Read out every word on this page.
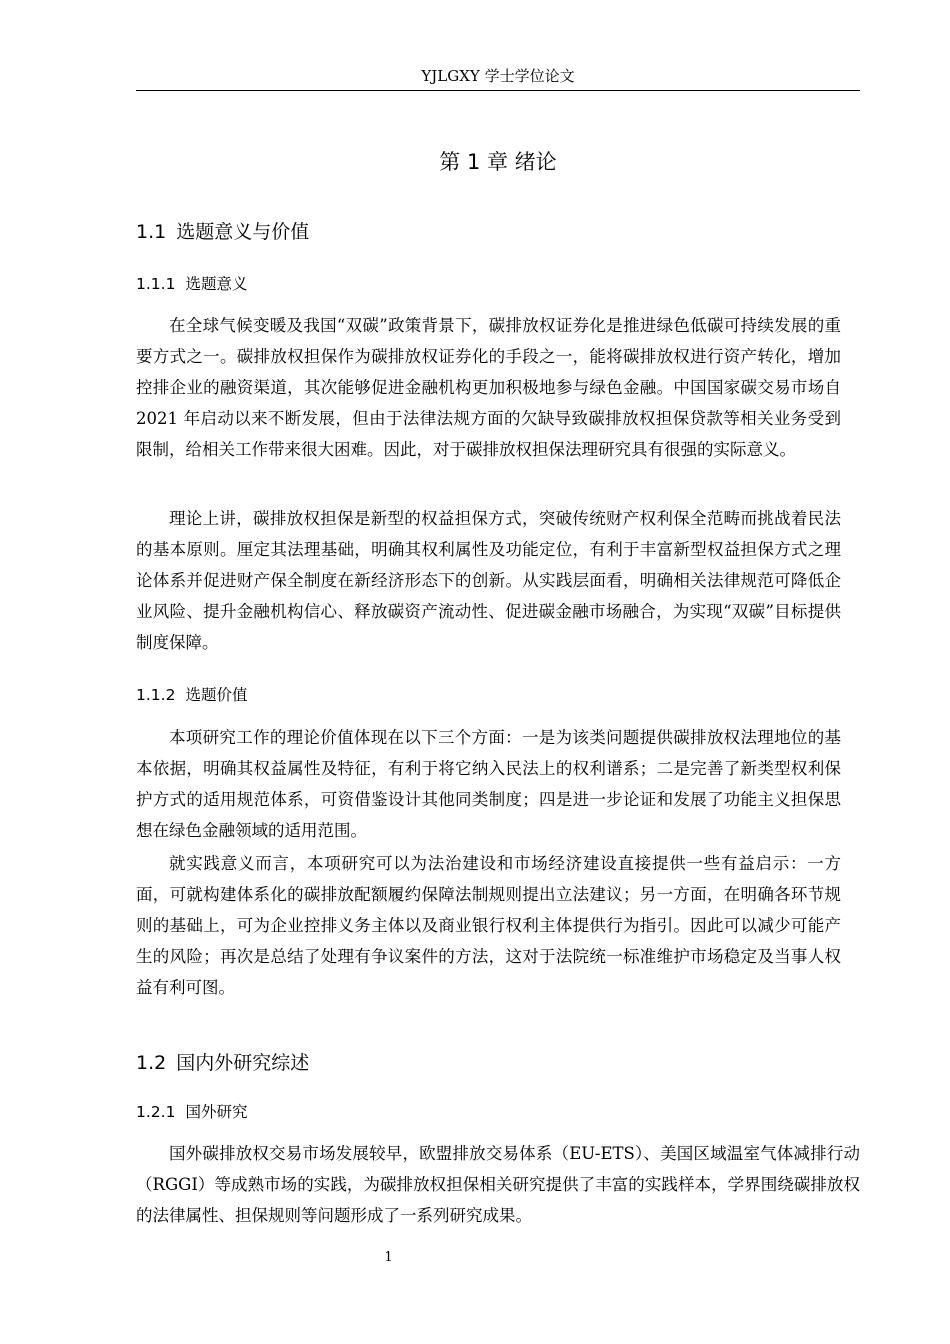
YJLGXY 学士学位论文
第 1 章 绪论
1.1 选题意义与价值
1.1.1 选题意义

在全球气候变暖及我国“双碳”政策背景下，碳排放权证券化是推进绿色低碳可持续发展的重要方式之一。碳排放权担保作为碳排放权证券化的手段之一，能将碳排放权进行资产转化，增加控排企业的融资渠道，其次能够促进金融机构更加积极地参与绿色金融。中国国家碳交易市场自 2021 年启动以来不断发展，但由于法律法规方面的欠缺导致碳排放权担保贷款等相关业务受到限制，给相关工作带来很大困难。因此，对于碳排放权担保法理研究具有很强的实际意义。

理论上讲，碳排放权担保是新型的权益担保方式，突破传统财产权利保全范畴而挑战着民法的基本原则。厘定其法理基础，明确其权利属性及功能定位，有利于丰富新型权益担保方式之理论体系并促进财产保全制度在新经济形态下的创新。从实践层面看，明确相关法律规范可降低企业风险、提升金融机构信心、释放碳资产流动性、促进碳金融市场融合，为实现“双碳”目标提供制度保障。

1.1.2 选题价值

本项研究工作的理论价值体现在以下三个方面：一是为该类问题提供碳排放权法理地位的基本依据，明确其权益属性及特征，有利于将它纳入民法上的权利谱系；二是完善了新类型权利保护方式的适用规范体系，可资借鉴设计其他同类制度；四是进一步论证和发展了功能主义担保思想在绿色金融领域的适用范围。

就实践意义而言，本项研究可以为法治建设和市场经济建设直接提供一些有益启示：一方面，可就构建体系化的碳排放配额履约保障法制规则提出立法建议；另一方面，在明确各环节规则的基础上，可为企业控排义务主体以及商业银行权利主体提供行为指引。因此可以减少可能产生的风险；再次是总结了处理有争议案件的方法，这对于法院统一标准维护市场稳定及当事人权益有利可图。

1.2 国内外研究综述
1.2.1 国外研究

国外碳排放权交易市场发展较早，欧盟排放交易体系（EU-ETS）、美国区域温室气体减排行动（RGGI）等成熟市场的实践，为碳排放权担保相关研究提供了丰富的实践样本，学界围绕碳排放权的法律属性、担保规则等问题形成了一系列研究成果。

1
